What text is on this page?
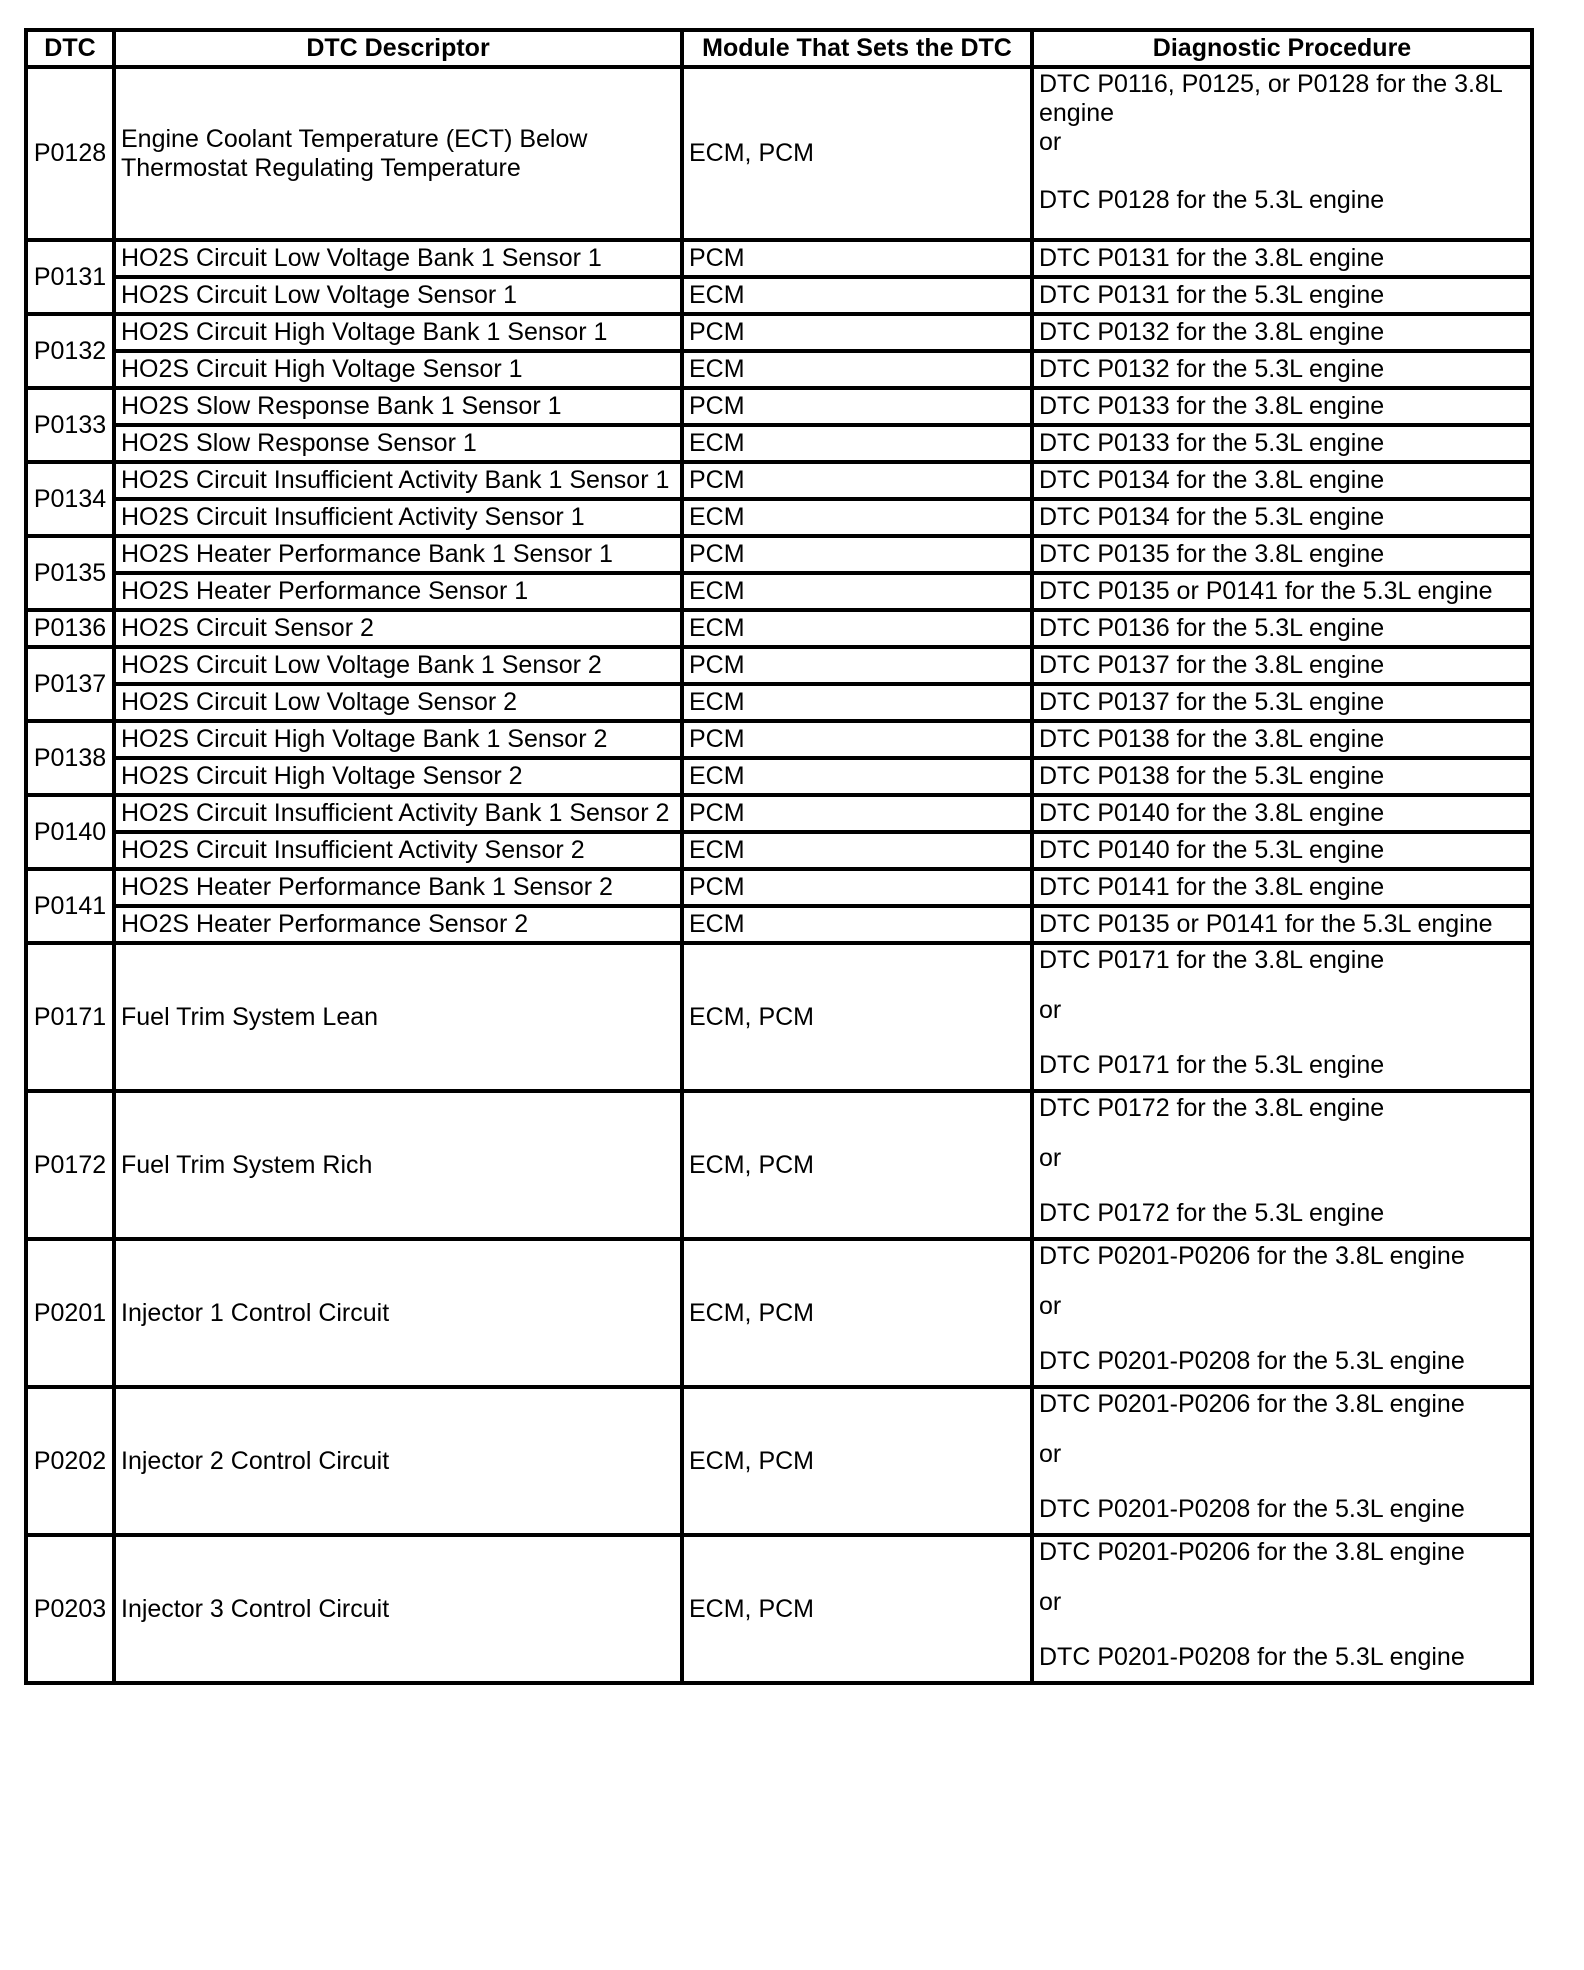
DTC	DTC Descriptor	Module That Sets the DTC	Diagnostic Procedure
P0128	Engine Coolant Temperature (ECT) Below Thermostat Regulating Temperature	ECM, PCM	DTC P0116, P0125, or P0128 for the 3.8L engine
or
DTC P0128 for the 5.3L engine

P0131	HO2S Circuit Low Voltage Bank 1 Sensor 1	PCM	DTC P0131 for the 3.8L engine
	HO2S Circuit Low Voltage Sensor 1	ECM	DTC P0131 for the 5.3L engine
P0132	HO2S Circuit High Voltage Bank 1 Sensor 1	PCM	DTC P0132 for the 3.8L engine
	HO2S Circuit High Voltage Sensor 1	ECM	DTC P0132 for the 5.3L engine
P0133	HO2S Slow Response Bank 1 Sensor 1	PCM	DTC P0133 for the 3.8L engine
	HO2S Slow Response Sensor 1	ECM	DTC P0133 for the 5.3L engine
P0134	HO2S Circuit Insufficient Activity Bank 1 Sensor 1	PCM	DTC P0134 for the 3.8L engine
	HO2S Circuit Insufficient Activity Sensor 1	ECM	DTC P0134 for the 5.3L engine
P0135	HO2S Heater Performance Bank 1 Sensor 1	PCM	DTC P0135 for the 3.8L engine
	HO2S Heater Performance Sensor 1	ECM	DTC P0135 or P0141 for the 5.3L engine
P0136	HO2S Circuit Sensor 2	ECM	DTC P0136 for the 5.3L engine
P0137	HO2S Circuit Low Voltage Bank 1 Sensor 2	PCM	DTC P0137 for the 3.8L engine
	HO2S Circuit Low Voltage Sensor 2	ECM	DTC P0137 for the 5.3L engine
P0138	HO2S Circuit High Voltage Bank 1 Sensor 2	PCM	DTC P0138 for the 3.8L engine
	HO2S Circuit High Voltage Sensor 2	ECM	DTC P0138 for the 5.3L engine
P0140	HO2S Circuit Insufficient Activity Bank 1 Sensor 2	PCM	DTC P0140 for the 3.8L engine
	HO2S Circuit Insufficient Activity Sensor 2	ECM	DTC P0140 for the 5.3L engine
P0141	HO2S Heater Performance Bank 1 Sensor 2	PCM	DTC P0141 for the 3.8L engine
	HO2S Heater Performance Sensor 2	ECM	DTC P0135 or P0141 for the 5.3L engine
P0171	Fuel Trim System Lean	ECM, PCM	DTC P0171 for the 3.8L engine
or
DTC P0171 for the 5.3L engine

P0172	Fuel Trim System Rich	ECM, PCM	DTC P0172 for the 3.8L engine
or
DTC P0172 for the 5.3L engine

P0201	Injector 1 Control Circuit	ECM, PCM	DTC P0201-P0206 for the 3.8L engine
or
DTC P0201-P0208 for the 5.3L engine

P0202	Injector 2 Control Circuit	ECM, PCM	DTC P0201-P0206 for the 3.8L engine
or
DTC P0201-P0208 for the 5.3L engine

P0203	Injector 3 Control Circuit	ECM, PCM	DTC P0201-P0206 for the 3.8L engine
or
DTC P0201-P0208 for the 5.3L engine
